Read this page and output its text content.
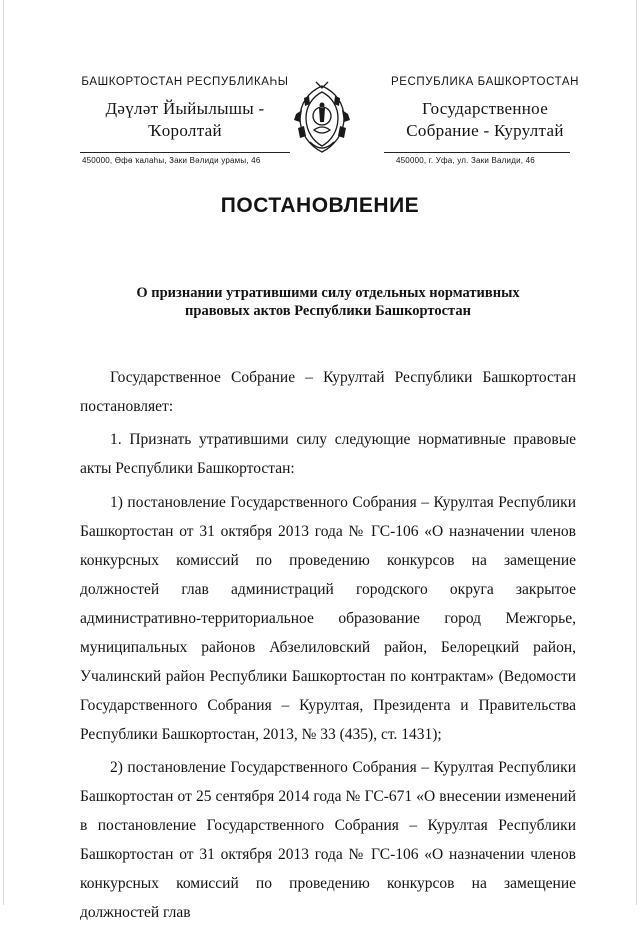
БАШКОРТОСТАН РЕСПУБЛИКАҺЫ

Дәүләт Йыйылышы -
Ҡоролтай

РЕСПУБЛИКА БАШКОРТОСТАН

Государственное
Собрание - Курултай
450000, Өфө ҡалаһы, Заки Вәлиди урамы, 46	450000, г. Уфа, ул. Заки Валиди, 46
ПОСТАНОВЛЕНИЕ
О признании утратившими силу отдельных нормативных
правовых актов Республики Башкортостан

Государственное Собрание – Курултай Республики Башкортостан постановляет:

1. Признать утратившими силу следующие нормативные правовые акты Республики Башкортостан:

1) постановление Государственного Собрания – Курултая Республики Башкортостан от 31 октября 2013 года № ГС-106 «О назначении членов конкурсных комиссий по проведению конкурсов на замещение должностей глав администраций городского округа закрытое административно-территориальное образование город Межгорье, муниципальных районов Абзелиловский район, Белорецкий район, Учалинский район Республики Башкортостан по контрактам» (Ведомости Государственного Собрания – Курултая, Президента и Правительства Республики Башкортостан, 2013, № 33 (435), ст. 1431);

2) постановление Государственного Собрания – Курултая Республики Башкортостан от 25 сентября 2014 года № ГС-671 «О внесении изменений в постановление Государственного Собрания – Курултая Республики Башкортостан от 31 октября 2013 года № ГС-106 «О назначении членов конкурсных комиссий по проведению конкурсов на замещение должностей глав
